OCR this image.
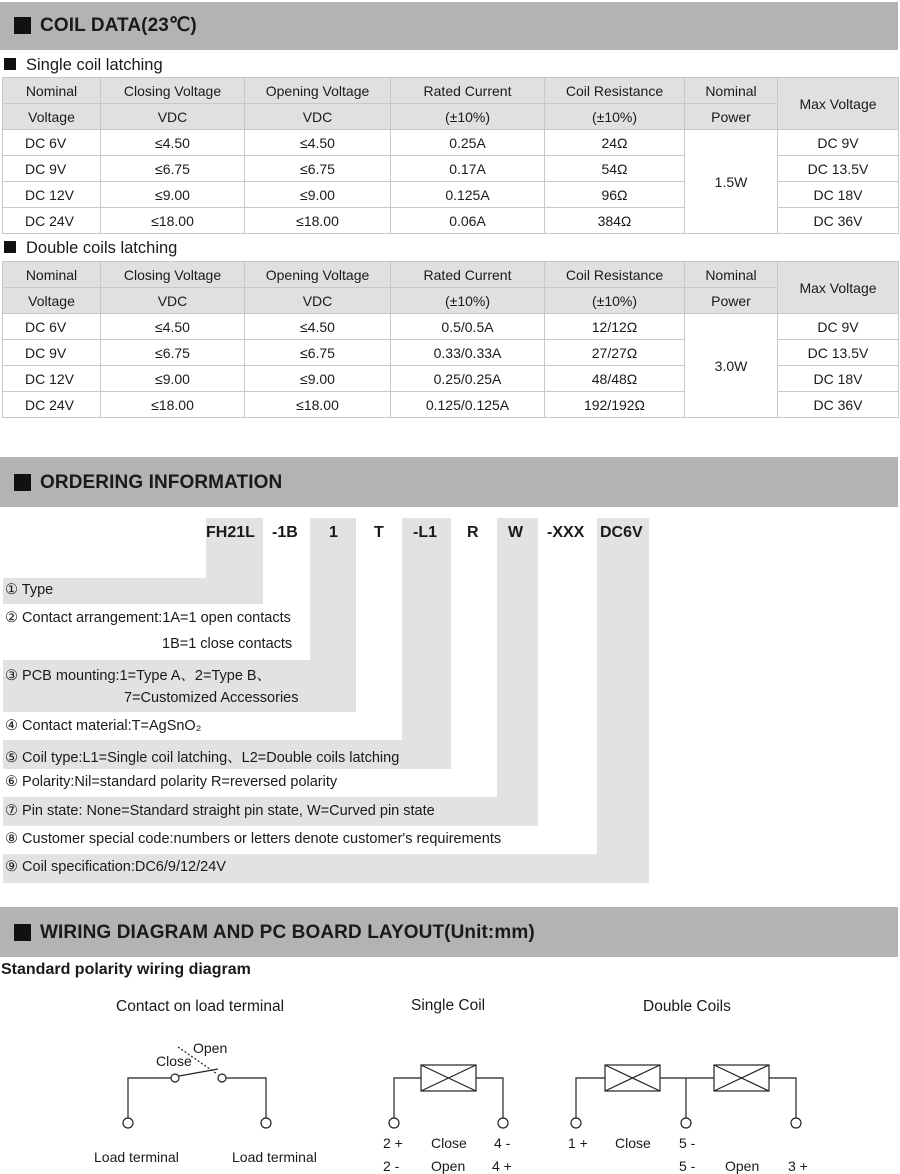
COIL DATA(23℃)
Single coil latching
Nominal	Closing Voltage	Opening Voltage	Rated Current	Coil Resistance	Nominal	Max Voltage
Voltage	VDC	VDC	(±10%)	(±10%)	Power	
DC 6V	≤4.50	≤4.50	0.25A	24Ω	1.5W	DC 9V
DC 9V	≤6.75	≤6.75	0.17A	54Ω		DC 13.5V
DC 12V	≤9.00	≤9.00	0.125A	96Ω		DC 18V
DC 24V	≤18.00	≤18.00	0.06A	384Ω		DC 36V
Double coils latching
Nominal	Closing Voltage	Opening Voltage	Rated Current	Coil Resistance	Nominal	Max Voltage
Voltage	VDC	VDC	(±10%)	(±10%)	Power	
DC 6V	≤4.50	≤4.50	0.5/0.5A	12/12Ω	3.0W	DC 9V
DC 9V	≤6.75	≤6.75	0.33/0.33A	27/27Ω		DC 13.5V
DC 12V	≤9.00	≤9.00	0.25/0.25A	48/48Ω		DC 18V
DC 24V	≤18.00	≤18.00	0.125/0.125A	192/192Ω		DC 36V
ORDERING INFORMATION
FH21L -1B 1 T -L1 R W -XXX DC6V
① Type
② Contact arrangement:1A=1 open contacts
1B=1 close contacts
③ PCB mounting:1=Type A、2=Type B、
7=Customized Accessories
④ Contact material:T=AgSnO₂
⑤ Coil type:L1=Single coil latching、L2=Double coils latching
⑥ Polarity:Nil=standard polarity R=reversed polarity
⑦ Pin state: None=Standard straight pin state, W=Curved pin state
⑧ Customer special code:numbers or letters denote customer's requirements
⑨ Coil specification:DC6/9/12/24V
WIRING DIAGRAM AND PC BOARD LAYOUT(Unit:mm)
Standard polarity wiring diagram
Contact on load terminal
Close
Open
Load terminal	Load terminal
Single Coil
2 +
2 -
Close
Open
4 -
4 +
Double Coils
1 + Close 5 -
5 - Open 3 +
